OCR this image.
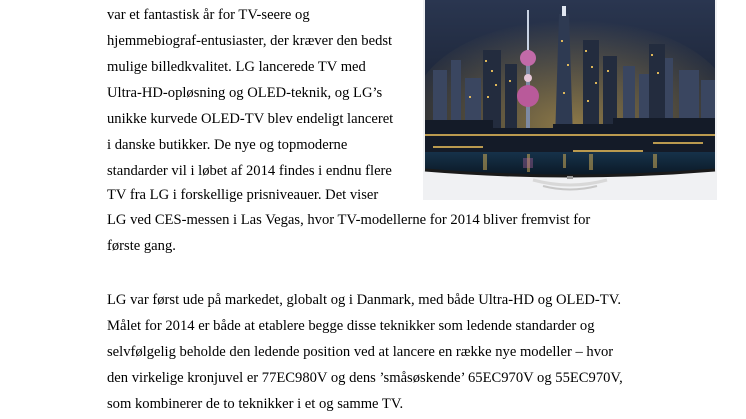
var et fantastisk år for TV-seere og
hjemmebiograf-entusiaster, der kræver den bedst
mulige billedkvalitet. LG lancerede TV med
Ultra-HD-opløsning og OLED-teknik, og LG’s
unikke kurvede OLED-TV blev endeligt lanceret
i danske butikker. De nye og topmoderne
standarder vil i løbet af 2014 findes i endnu flere
TV fra LG i forskellige prisniveauer. Det viser
LG ved CES-messen i Las Vegas, hvor TV-modellerne for 2014 bliver fremvist for
første gang.
LG var først ude på markedet, globalt og i Danmark, med både Ultra-HD og OLED-TV.
Målet for 2014 er både at etablere begge disse teknikker som ledende standarder og
selvfølgelig beholde den ledende position ved at lancere en række nye modeller – hvor
den virkelige kronjuvel er 77EC980V og dens ’småsøskende’ 65EC970V og 55EC970V,
som kombinerer de to teknikker i et og samme TV.
